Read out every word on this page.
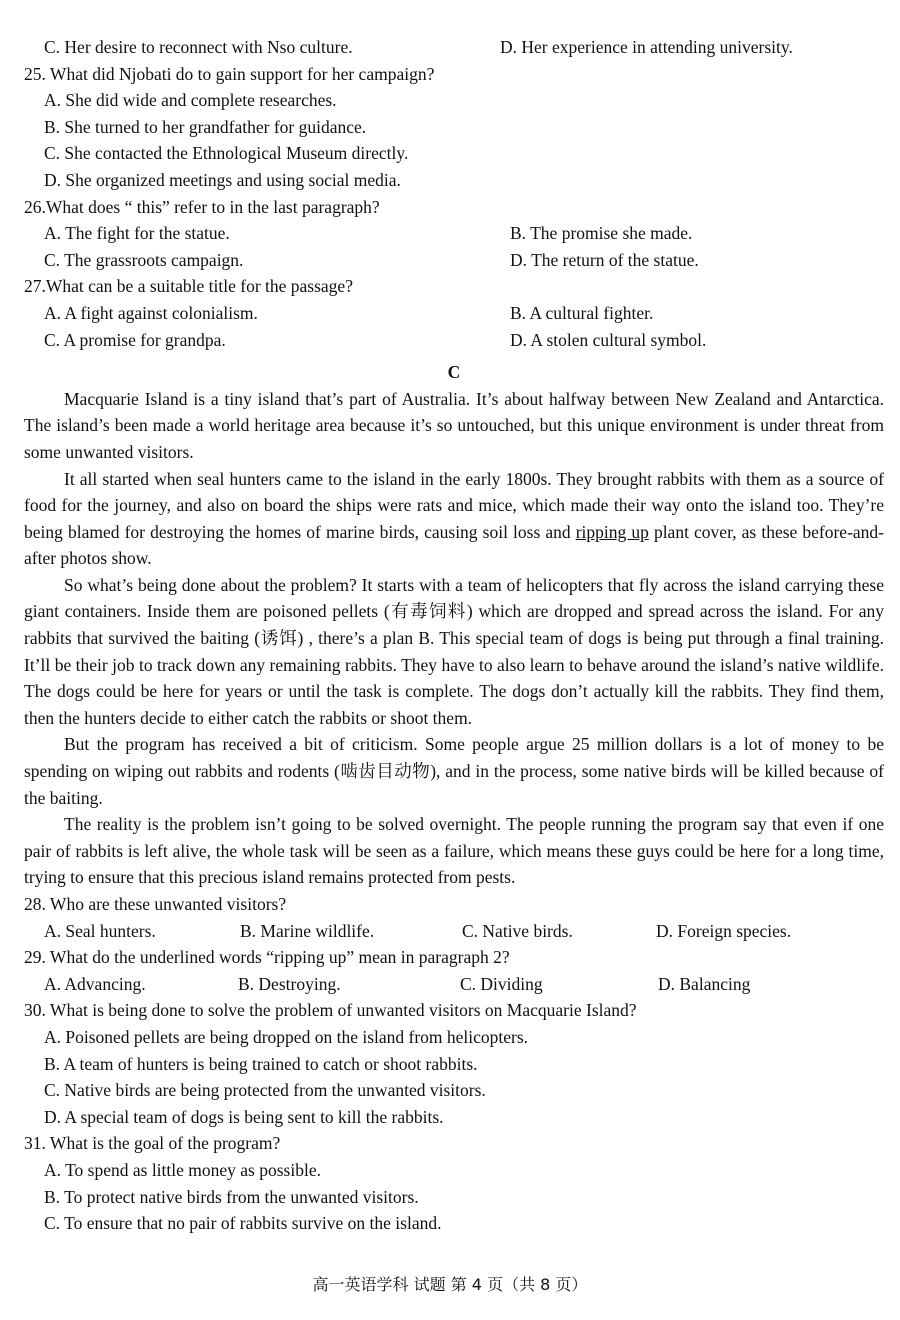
C. Her desire to reconnect with Nso culture.	D. Her experience in attending university.
25. What did Njobati do to gain support for her campaign?
A. She did wide and complete researches.
B. She turned to her grandfather for guidance.
C. She contacted the Ethnological Museum directly.
D. She organized meetings and using social media.
26.What does “ this” refer to in the last paragraph?
A. The fight for the statue.	B. The promise she made.
C. The grassroots campaign.	D. The return of the statue.
27.What can be a suitable title for the passage?
A. A fight against colonialism.	B. A cultural fighter.
C. A promise for grandpa.	D. A stolen cultural symbol.
C

Macquarie Island is a tiny island that’s part of Australia. It’s about halfway between New Zealand and Antarctica. The island’s been made a world heritage area because it’s so untouched, but this unique environment is under threat from some unwanted visitors.

It all started when seal hunters came to the island in the early 1800s. They brought rabbits with them as a source of food for the journey, and also on board the ships were rats and mice, which made their way onto the island too. They’re being blamed for destroying the homes of marine birds, causing soil loss and ripping up plant cover, as these before-and-after photos show.

So what’s being done about the problem? It starts with a team of helicopters that fly across the island carrying these giant containers. Inside them are poisoned pellets (有毒饲料) which are dropped and spread across the island. For any rabbits that survived the baiting (诱饵) , there’s a plan B. This special team of dogs is being put through a final training. It’ll be their job to track down any remaining rabbits. They have to also learn to behave around the island’s native wildlife. The dogs could be here for years or until the task is complete. The dogs don’t actually kill the rabbits. They find them, then the hunters decide to either catch the rabbits or shoot them.

But the program has received a bit of criticism. Some people argue 25 million dollars is a lot of money to be spending on wiping out rabbits and rodents (啮齿目动物), and in the process, some native birds will be killed because of the baiting.

The reality is the problem isn’t going to be solved overnight. The people running the program say that even if one pair of rabbits is left alive, the whole task will be seen as a failure, which means these guys could be here for a long time, trying to ensure that this precious island remains protected from pests.

28. Who are these unwanted visitors?
A. Seal hunters.	B. Marine wildlife.	C. Native birds.	D. Foreign species.
29. What do the underlined words “ripping up” mean in paragraph 2?
A. Advancing.	B. Destroying.	C. Dividing	D. Balancing
30. What is being done to solve the problem of unwanted visitors on Macquarie Island?
A. Poisoned pellets are being dropped on the island from helicopters.
B. A team of hunters is being trained to catch or shoot rabbits.
C. Native birds are being protected from the unwanted visitors.
D. A special team of dogs is being sent to kill the rabbits.
31. What is the goal of the program?
A. To spend as little money as possible.
B. To protect native birds from the unwanted visitors.
C. To ensure that no pair of rabbits survive on the island.
高一英语学科 试题 第 4 页（共 8 页）
